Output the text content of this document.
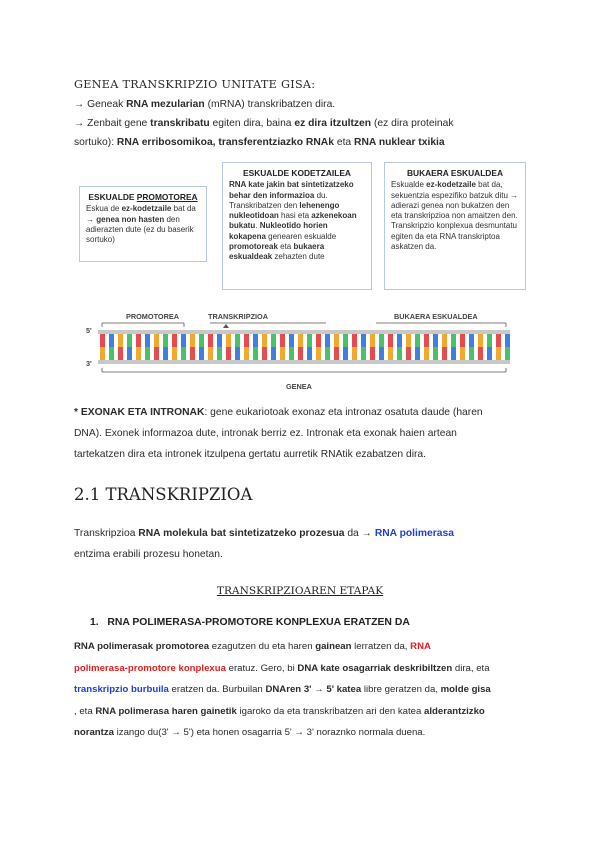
GENEA TRANSKRIPZIO UNITATE GISA:
→ Geneak RNA mezularian (mRNA) transkribatzen dira.
→ Zenbait gene transkribatu egiten dira, baina ez dira itzultzen (ez dira proteinak
sortuko): RNA erribosomikoa, transferentziazko RNAk eta RNA nuklear txikia
ESKUALDE PROMOTOREA
Eskua de ez-kodetzaile bat da → genea non hasten den adierazten dute (ez du baserik sortuko)
ESKUALDE KODETZAILEA
RNA kate jakin bat sintetizatzeko behar den informazioa du. Transkribatzen den lehenengo nukleotidoan hasi eta azkenekoan bukatu. Nukleotido horien kokapena genearen eskualde promotoreak eta bukaera eskualdeak zehazten dute
BUKAERA ESKUALDEA
Eskualde ez-kodetzaile bat da, sekuentzia espezifiko batzuk ditu → adierazi genea non bukatzen den eta transkripzioa non amaitzen den.
Transkripzio konplexua desmuntatu egiten da eta RNA transkriptoa askatzen da.
PROMOTOREA	TRANSKRIPZIOA	BUKAERA ESKUALDEA
5'
3'
GENEA
* EXONAK ETA INTRONAK: gene eukariotoak exonaz eta intronaz osatuta daude (haren
DNA). Exonek informazoa dute, intronak berriz ez. Intronak eta exonak haien artean
tartekatzen dira eta intronek itzulpena gertatu aurretik RNAtik ezabatzen dira.
2.1 TRANSKRIPZIOA
Transkripzioa RNA molekula bat sintetizatzeko prozesua da → RNA polimerasa
entzima erabili prozesu honetan.
TRANSKRIPZIOAREN ETAPAK
1. RNA POLIMERASA-PROMOTORE KONPLEXUA ERATZEN DA
RNA polimerasak promotorea ezagutzen du eta haren gainean lerratzen da, RNA
polimerasa-promotore konplexua eratuz. Gero, bi DNA kate osagarriak deskribiltzen dira, eta
transkripzio burbuila eratzen da. Burbuilan DNAren 3' → 5' katea libre geratzen da, molde gisa
, eta RNA polimerasa haren gainetik igaroko da eta transkribatzen ari den katea alderantzizko
norantza izango du(3' → 5') eta honen osagarria 5' → 3' noraznko normala duena.
